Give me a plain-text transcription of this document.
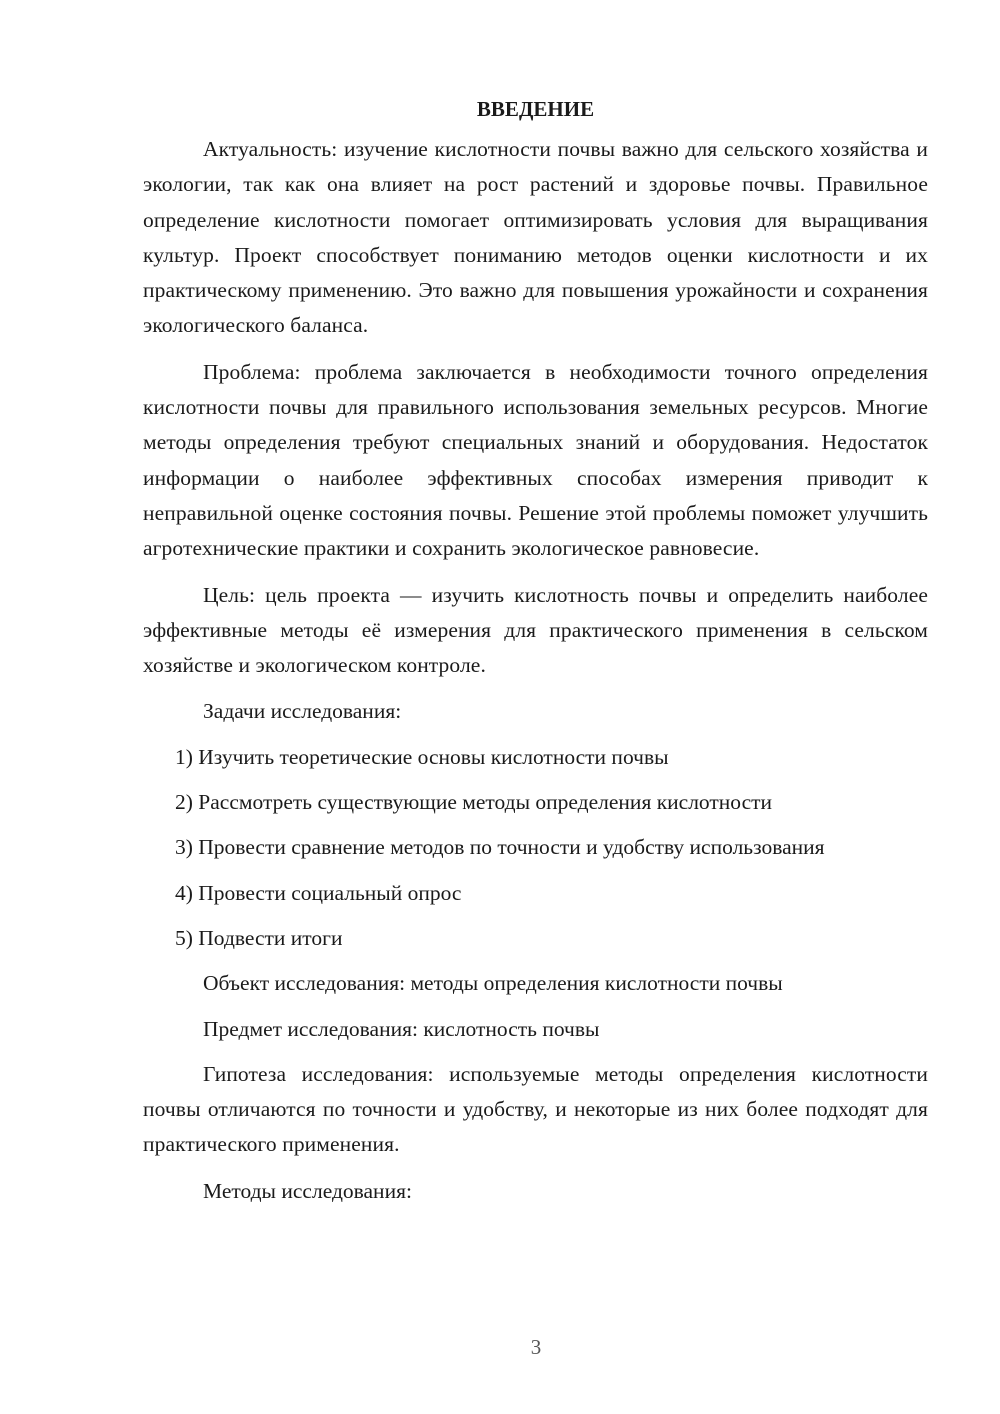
ВВЕДЕНИЕ

Актуальность: изучение кислотности почвы важно для сельского хозяйства и экологии, так как она влияет на рост растений и здоровье почвы. Правильное определение кислотности помогает оптимизировать условия для выращивания культур. Проект способствует пониманию методов оценки кислотности и их практическому применению. Это важно для повышения урожайности и сохранения экологического баланса.

Проблема: проблема заключается в необходимости точного определения кислотности почвы для правильного использования земельных ресурсов. Многие методы определения требуют специальных знаний и оборудования. Недостаток информации о наиболее эффективных способах измерения приводит к неправильной оценке состояния почвы. Решение этой проблемы поможет улучшить агротехнические практики и сохранить экологическое равновесие.

Цель: цель проекта — изучить кислотность почвы и определить наиболее эффективные методы её измерения для практического применения в сельском хозяйстве и экологическом контроле.

Задачи исследования:

1) Изучить теоретические основы кислотности почвы

2) Рассмотреть существующие методы определения кислотности

3) Провести сравнение методов по точности и удобству использования

4) Провести социальный опрос

5) Подвести итоги

Объект исследования: методы определения кислотности почвы

Предмет исследования: кислотность почвы

Гипотеза исследования: используемые методы определения кислотности почвы отличаются по точности и удобству, и некоторые из них более подходят для практического применения.

Методы исследования:

3
